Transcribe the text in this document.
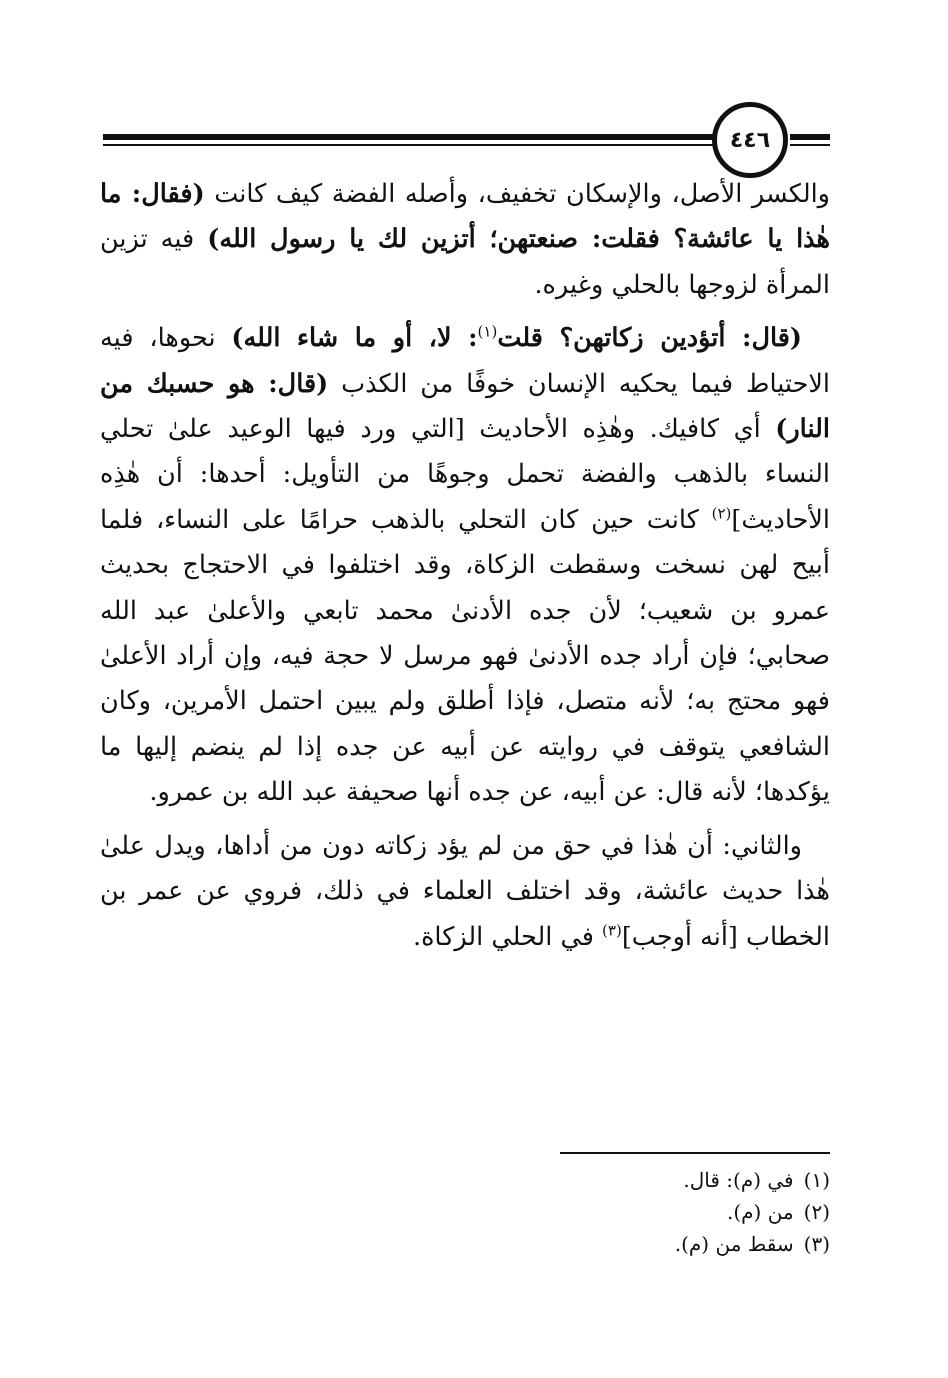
٤٤٦

والكسر الأصل، والإسكان تخفيف، وأصله الفضة كيف كانت (فقال: ما هٰذا يا عائشة؟ فقلت: صنعتهن؛ أتزين لك يا رسول الله) فيه تزين المرأة لزوجها بالحلي وغيره.

(قال: أتؤدين زكاتهن؟ قلت$^{(١)}$: لا، أو ما شاء الله) نحوها، فيه الاحتياط فيما يحكيه الإنسان خوفًا من الكذب (قال: هو حسبك من النار) أي كافيك. وهٰذِه الأحاديث [التي ورد فيها الوعيد علىٰ تحلي النساء بالذهب والفضة تحمل وجوهًا من التأويل: أحدها: أن هٰذِه الأحاديث]$^{(٢)}$ كانت حين كان التحلي بالذهب حرامًا على النساء، فلما أبيح لهن نسخت وسقطت الزكاة، وقد اختلفوا في الاحتجاج بحديث عمرو بن شعيب؛ لأن جده الأدنىٰ محمد تابعي والأعلىٰ عبد الله صحابي؛ فإن أراد جده الأدنىٰ فهو مرسل لا حجة فيه، وإن أراد الأعلىٰ فهو محتج به؛ لأنه متصل، فإذا أطلق ولم يبين احتمل الأمرين، وكان الشافعي يتوقف في روايته عن أبيه عن جده إذا لم ينضم إليها ما يؤكدها؛ لأنه قال: عن أبيه، عن جده أنها صحيفة عبد الله بن عمرو.

والثاني: أن هٰذا في حق من لم يؤد زكاته دون من أداها، ويدل علىٰ هٰذا حديث عائشة، وقد اختلف العلماء في ذلك، فروي عن عمر بن الخطاب [أنه أوجب]$^{(٣)}$ في الحلي الزكاة.

(١)في (م): قال.
(٢)من (م).
(٣)سقط من (م).
